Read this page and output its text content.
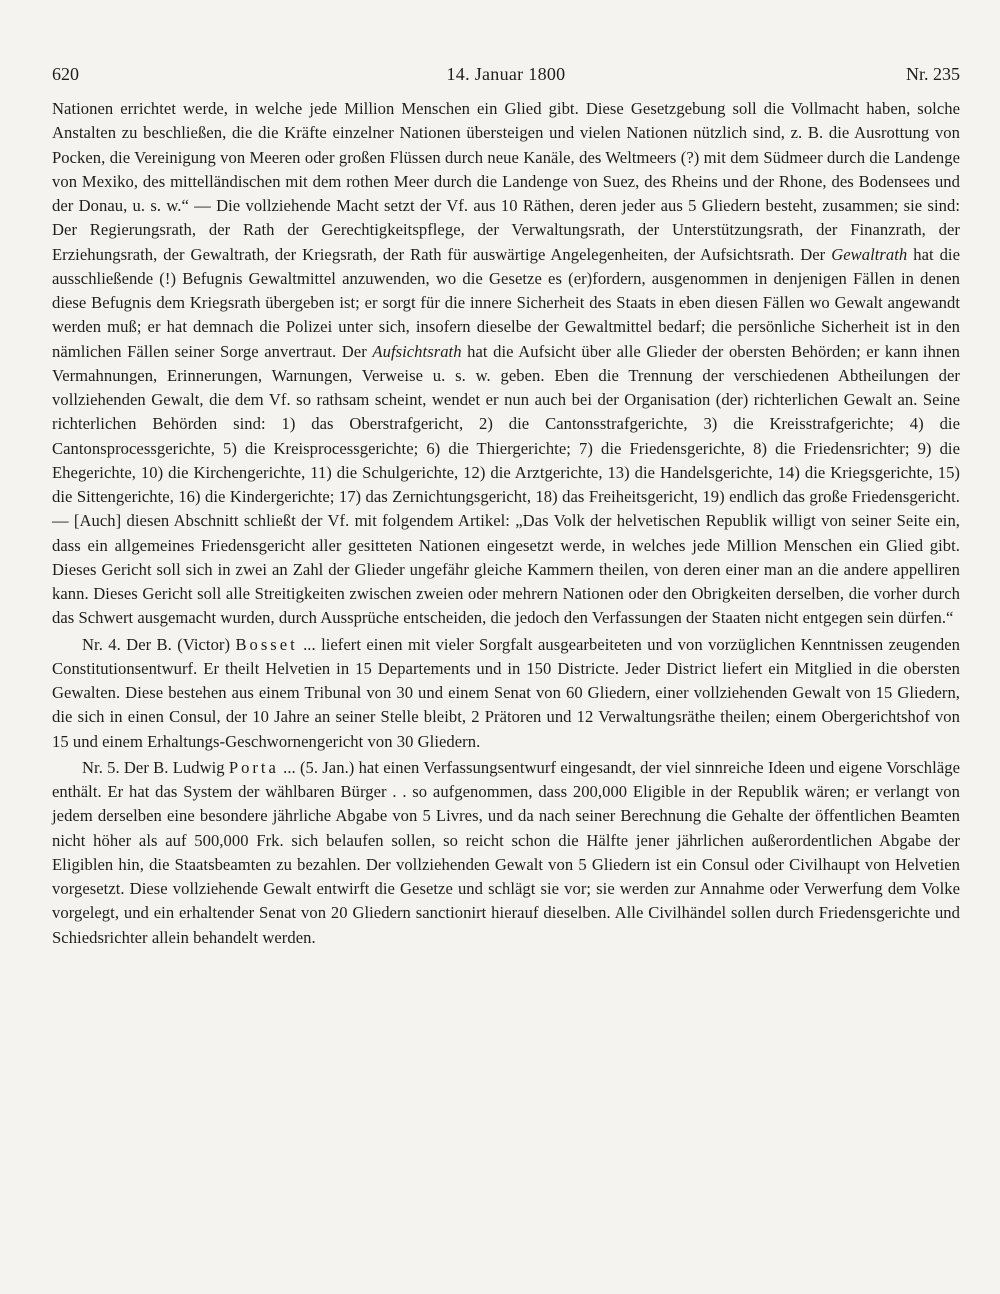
620	14. Januar 1800	Nr. 235

Nationen errichtet werde, in welche jede Million Menschen ein Glied gibt. Diese Gesetzgebung soll die Vollmacht haben, solche Anstalten zu beschließen, die die Kräfte einzelner Nationen übersteigen und vielen Nationen nützlich sind, z. B. die Ausrottung von Pocken, die Vereinigung von Meeren oder großen Flüssen durch neue Kanäle, des Weltmeers (?) mit dem Südmeer durch die Landenge von Mexiko, des mittelländischen mit dem rothen Meer durch die Landenge von Suez, des Rheins und der Rhone, des Bodensees und der Donau, u. s. w.“ — Die vollziehende Macht setzt der Vf. aus 10 Räthen, deren jeder aus 5 Gliedern besteht, zusammen; sie sind: Der Regierungsrath, der Rath der Gerechtigkeitspflege, der Verwaltungsrath, der Unterstützungsrath, der Finanzrath, der Erziehungsrath, der Gewaltrath, der Kriegsrath, der Rath für auswärtige Angelegenheiten, der Aufsichtsrath. Der Gewaltrath hat die ausschließende (!) Befugnis Gewaltmittel anzuwenden, wo die Gesetze es (er)fordern, ausgenommen in denjenigen Fällen in denen diese Befugnis dem Kriegsrath übergeben ist; er sorgt für die innere Sicherheit des Staats in eben diesen Fällen wo Gewalt angewandt werden muß; er hat demnach die Polizei unter sich, insofern dieselbe der Gewaltmittel bedarf; die persönliche Sicherheit ist in den nämlichen Fällen seiner Sorge anvertraut. Der Aufsichtsrath hat die Aufsicht über alle Glieder der obersten Behörden; er kann ihnen Vermahnungen, Erinnerungen, Warnungen, Verweise u. s. w. geben. Eben die Trennung der verschiedenen Abtheilungen der vollziehenden Gewalt, die dem Vf. so rathsam scheint, wendet er nun auch bei der Organisation (der) richterlichen Gewalt an. Seine richterlichen Behörden sind: 1) das Oberstrafgericht, 2) die Cantonsstrafgerichte, 3) die Kreisstrafgerichte; 4) die Cantonsprocessgerichte, 5) die Kreisprocessgerichte; 6) die Thiergerichte; 7) die Friedensgerichte, 8) die Friedensrichter; 9) die Ehegerichte, 10) die Kirchengerichte, 11) die Schulgerichte, 12) die Arztgerichte, 13) die Handelsgerichte, 14) die Kriegsgerichte, 15) die Sittengerichte, 16) die Kindergerichte; 17) das Zernichtungsgericht, 18) das Freiheitsgericht, 19) endlich das große Friedensgericht. — [Auch] diesen Abschnitt schließt der Vf. mit folgendem Artikel: „Das Volk der helvetischen Republik willigt von seiner Seite ein, dass ein allgemeines Friedensgericht aller gesitteten Nationen eingesetzt werde, in welches jede Million Menschen ein Glied gibt. Dieses Gericht soll sich in zwei an Zahl der Glieder ungefähr gleiche Kammern theilen, von deren einer man an die andere appelliren kann. Dieses Gericht soll alle Streitigkeiten zwischen zweien oder mehrern Nationen oder den Obrigkeiten derselben, die vorher durch das Schwert ausgemacht wurden, durch Aussprüche entscheiden, die jedoch den Verfassungen der Staaten nicht entgegen sein dürfen.“

Nr. 4. Der B. (Victor) Bosset ... liefert einen mit vieler Sorgfalt ausgearbeiteten und von vorzüglichen Kenntnissen zeugenden Constitutionsentwurf. Er theilt Helvetien in 15 Departements und in 150 Districte. Jeder District liefert ein Mitglied in die obersten Gewalten. Diese bestehen aus einem Tribunal von 30 und einem Senat von 60 Gliedern, einer vollziehenden Gewalt von 15 Gliedern, die sich in einen Consul, der 10 Jahre an seiner Stelle bleibt, 2 Prätoren und 12 Verwaltungsräthe theilen; einem Obergerichtshof von 15 und einem Erhaltungs-Geschwornengericht von 30 Gliedern.

Nr. 5. Der B. Ludwig Porta ... (5. Jan.) hat einen Verfassungsentwurf eingesandt, der viel sinnreiche Ideen und eigene Vorschläge enthält. Er hat das System der wählbaren Bürger . . so aufgenommen, dass 200,000 Eligible in der Republik wären; er verlangt von jedem derselben eine besondere jährliche Abgabe von 5 Livres, und da nach seiner Berechnung die Gehalte der öffentlichen Beamten nicht höher als auf 500,000 Frk. sich belaufen sollen, so reicht schon die Hälfte jener jährlichen außerordentlichen Abgabe der Eligiblen hin, die Staatsbeamten zu bezahlen. Der vollziehenden Gewalt von 5 Gliedern ist ein Consul oder Civilhaupt von Helvetien vorgesetzt. Diese vollziehende Gewalt entwirft die Gesetze und schlägt sie vor; sie werden zur Annahme oder Verwerfung dem Volke vorgelegt, und ein erhaltender Senat von 20 Gliedern sanctionirt hierauf dieselben. Alle Civilhändel sollen durch Friedensgerichte und Schiedsrichter allein behandelt werden.
